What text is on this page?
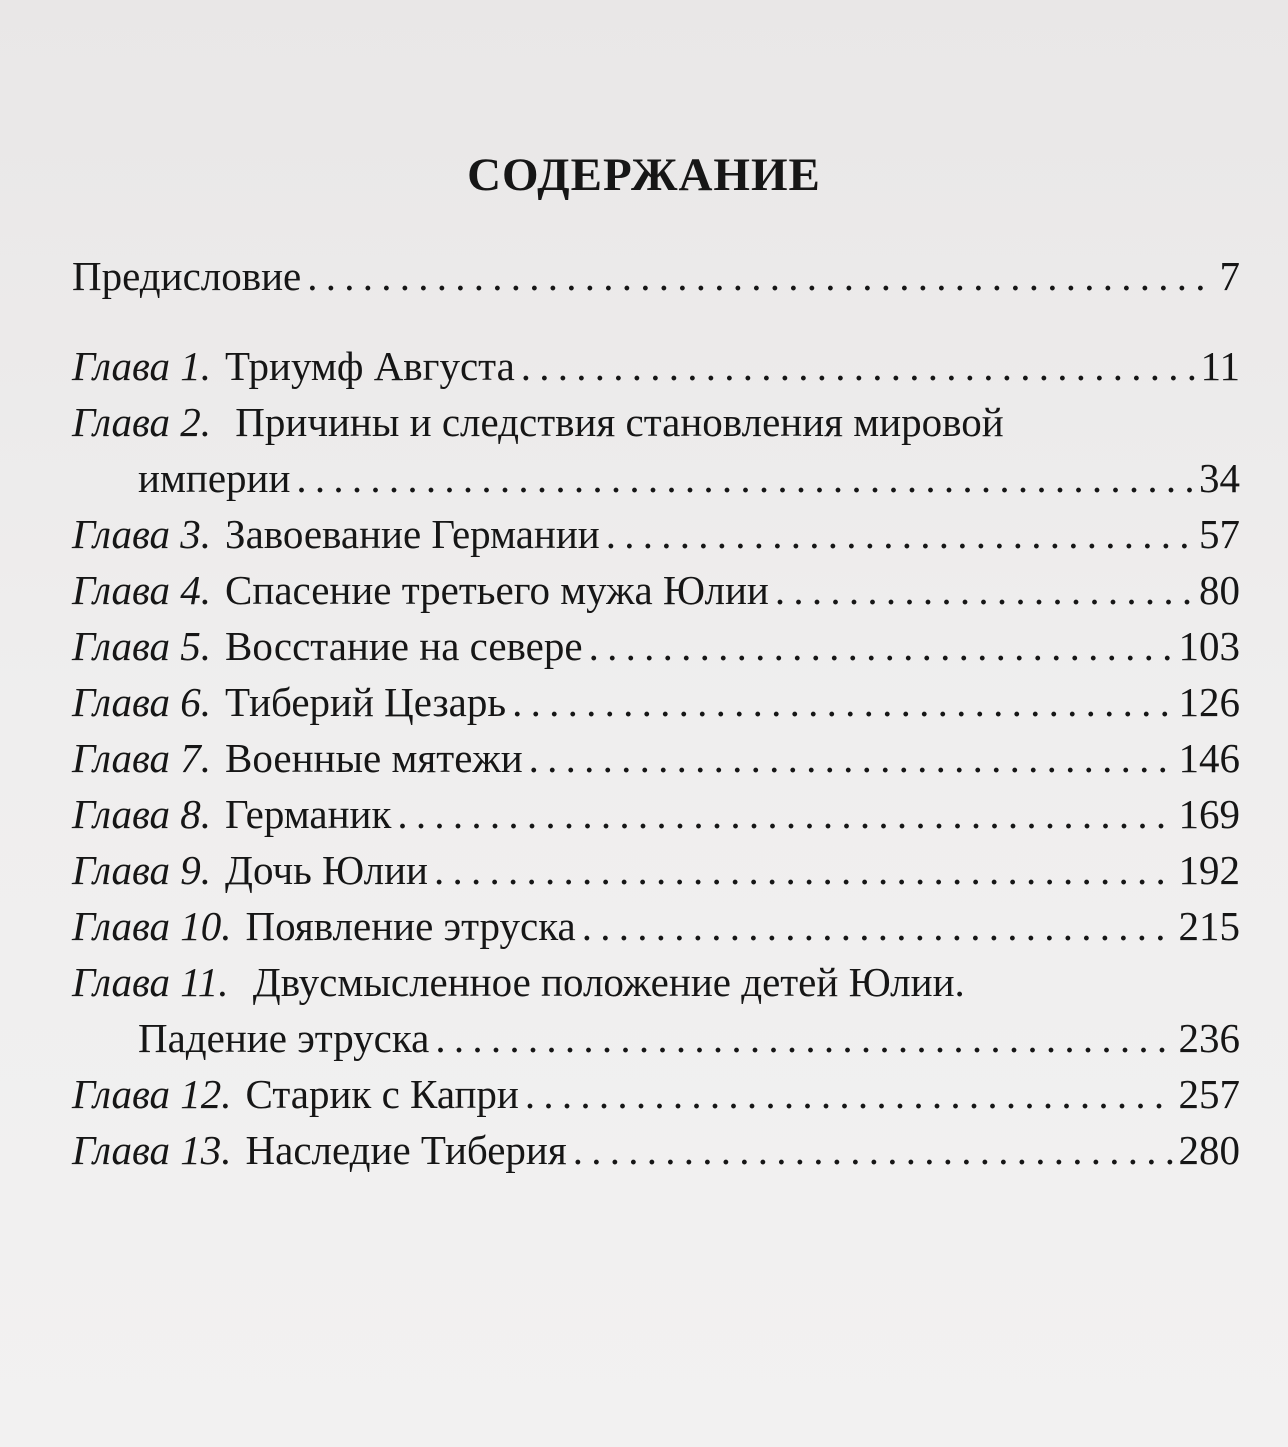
СОДЕРЖАНИЕ
Предисловие . . .	7
Глава 1. Триумф Августа . . .	11
Глава 2. Причины и следствия становления мировой
империи . . .	34
Глава 3. Завоевание Германии . . .	57
Глава 4. Спасение третьего мужа Юлии . . .	80
Глава 5. Восстание на севере . . .	103
Глава 6. Тиберий Цезарь . . .	126
Глава 7. Военные мятежи . . .	146
Глава 8. Германик . . .	169
Глава 9. Дочь Юлии . . .	192
Глава 10. Появление этруска . . .	215
Глава 11. Двусмысленное положение детей Юлии.
Падение этруска . . .	236
Глава 12. Старик с Капри . . .	257
Глава 13. Наследие Тиберия . . .	280
